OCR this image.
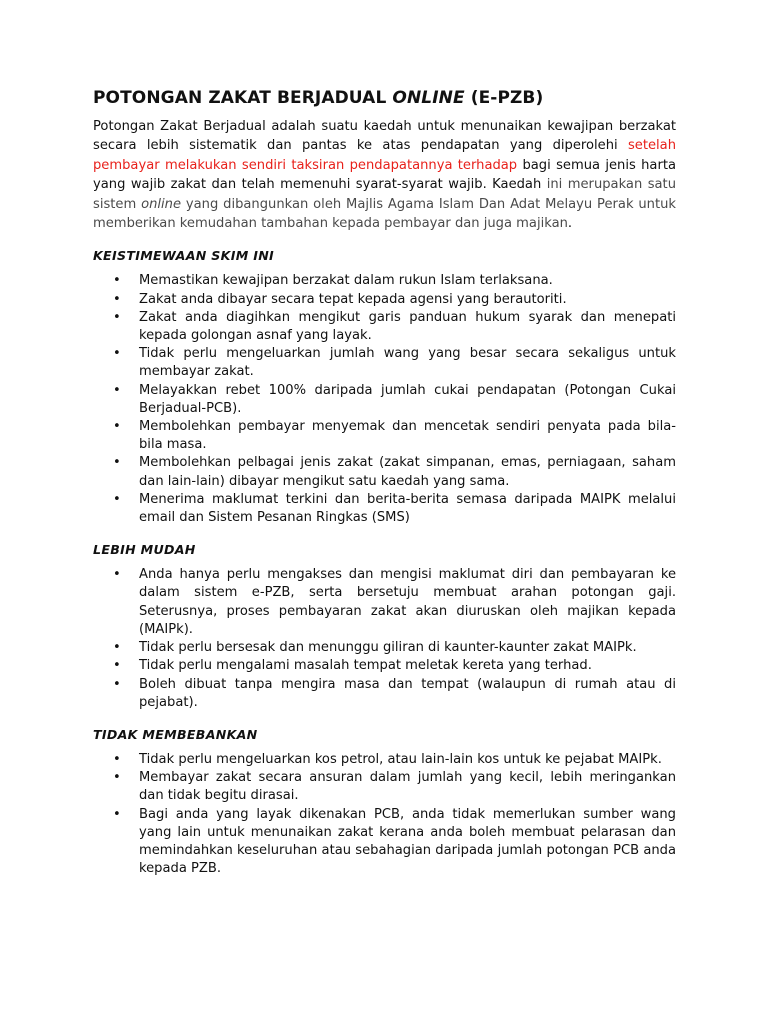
POTONGAN ZAKAT BERJADUAL ONLINE (E-PZB)

Potongan Zakat Berjadual adalah suatu kaedah untuk menunaikan kewajipan berzakat secara lebih sistematik dan pantas ke atas pendapatan yang diperolehi setelah pembayar melakukan sendiri taksiran pendapatannya terhadap bagi semua jenis harta yang wajib zakat dan telah memenuhi syarat-syarat wajib. Kaedah ini merupakan satu sistem online yang dibangunkan oleh Majlis Agama Islam Dan Adat Melayu Perak untuk memberikan kemudahan tambahan kepada pembayar dan juga majikan.

KEISTIMEWAAN SKIM INI
• Memastikan kewajipan berzakat dalam rukun Islam terlaksana.
• Zakat anda dibayar secara tepat kepada agensi yang berautoriti.
• Zakat anda diagihkan mengikut garis panduan hukum syarak dan menepati kepada golongan asnaf yang layak.
• Tidak perlu mengeluarkan jumlah wang yang besar secara sekaligus untuk membayar zakat.
• Melayakkan rebet 100% daripada jumlah cukai pendapatan (Potongan Cukai Berjadual-PCB).
• Membolehkan pembayar menyemak dan mencetak sendiri penyata pada bila-bila masa.
• Membolehkan pelbagai jenis zakat (zakat simpanan, emas, perniagaan, saham dan lain-lain) dibayar mengikut satu kaedah yang sama.
• Menerima maklumat terkini dan berita-berita semasa daripada MAIPK melalui email dan Sistem Pesanan Ringkas (SMS)
LEBIH MUDAH
• Anda hanya perlu mengakses dan mengisi maklumat diri dan pembayaran ke dalam sistem e-PZB, serta bersetuju membuat arahan potongan gaji. Seterusnya, proses pembayaran zakat akan diuruskan oleh majikan kepada (MAIPk).
• Tidak perlu bersesak dan menunggu giliran di kaunter-kaunter zakat MAIPk.
• Tidak perlu mengalami masalah tempat meletak kereta yang terhad.
• Boleh dibuat tanpa mengira masa dan tempat (walaupun di rumah atau di pejabat).
TIDAK MEMBEBANKAN
• Tidak perlu mengeluarkan kos petrol, atau lain-lain kos untuk ke pejabat MAIPk.
• Membayar zakat secara ansuran dalam jumlah yang kecil, lebih meringankan dan tidak begitu dirasai.
• Bagi anda yang layak dikenakan PCB, anda tidak memerlukan sumber wang yang lain untuk menunaikan zakat kerana anda boleh membuat pelarasan dan memindahkan keseluruhan atau sebahagian daripada jumlah potongan PCB anda kepada PZB.
